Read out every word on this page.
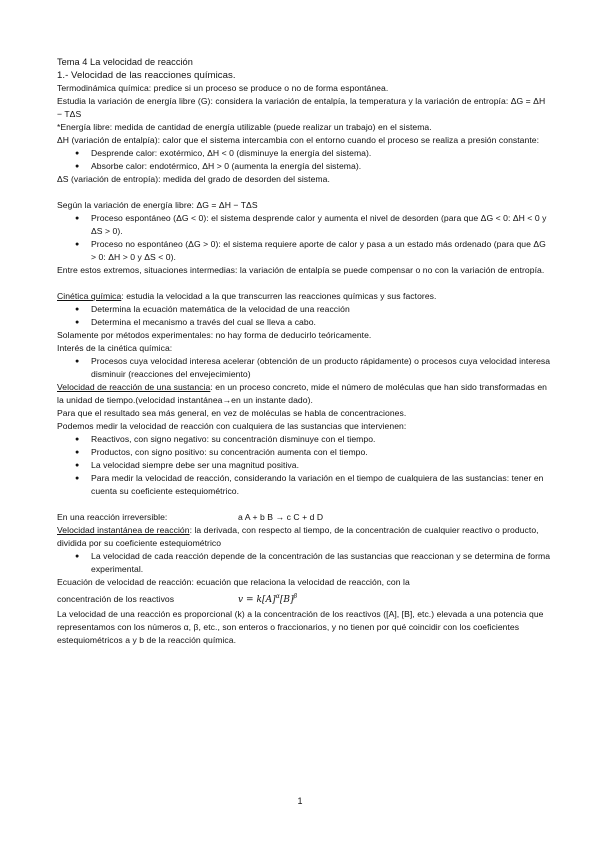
Tema 4 La velocidad de reacción
1.- Velocidad de las reacciones químicas.
Termodinámica química: predice si un proceso se produce o no de forma espontánea.
Estudia la variación de energía libre (G): considera la variación de entalpía, la temperatura y la variación de entropía: ΔG = ΔH − TΔS
*Energía libre: medida de cantidad de energía utilizable (puede realizar un trabajo) en el sistema.
ΔH (variación de entalpía): calor que el sistema intercambia con el entorno cuando el proceso se realiza a presión constante:
● Desprende calor: exotérmico, ΔH < 0 (disminuye la energía del sistema).
● Absorbe calor: endotérmico, ΔH > 0 (aumenta la energía del sistema).
ΔS (variación de entropía): medida del grado de desorden del sistema.
Según la variación de energía libre: ΔG = ΔH − TΔS
● Proceso espontáneo (ΔG < 0): el sistema desprende calor y aumenta el nivel de desorden (para que ΔG < 0: ΔH < 0 y ΔS > 0).
● Proceso no espontáneo (ΔG > 0): el sistema requiere aporte de calor y pasa a un estado más ordenado (para que ΔG > 0: ΔH > 0 y ΔS < 0).
Entre estos extremos, situaciones intermedias: la variación de entalpía se puede compensar o no con la variación de entropía.
Cinética química: estudia la velocidad a la que transcurren las reacciones químicas y sus factores.
● Determina la ecuación matemática de la velocidad de una reacción
● Determina el mecanismo a través del cual se lleva a cabo.
Solamente por métodos experimentales: no hay forma de deducirlo teóricamente.
Interés de la cinética química:
● Procesos cuya velocidad interesa acelerar (obtención de un producto rápidamente) o procesos cuya velocidad interesa disminuir (reacciones del envejecimiento)
Velocidad de reacción de una sustancia: en un proceso concreto, mide el número de moléculas que han sido transformadas en la unidad de tiempo.(velocidad instantánea→en un instante dado).
Para que el resultado sea más general, en vez de moléculas se habla de concentraciones.
Podemos medir la velocidad de reacción con cualquiera de las sustancias que intervienen:
● Reactivos, con signo negativo: su concentración disminuye con el tiempo.
● Productos, con signo positivo: su concentración aumenta con el tiempo.
● La velocidad siempre debe ser una magnitud positiva.
● Para medir la velocidad de reacción, considerando la variación en el tiempo de cualquiera de las sustancias: tener en cuenta su coeficiente estequiométrico.
En una reacción irreversible:	a A + b B → c C + d D
Velocidad instantánea de reacción: la derivada, con respecto al tiempo, de la concentración de cualquier reactivo o producto, dividida por su coeficiente estequiométrico
● La velocidad de cada reacción depende de la concentración de las sustancias que reaccionan y se determina de forma experimental.
Ecuación de velocidad de reacción: ecuación que relaciona la velocidad de reacción, con la
concentración de los reactivos	$v = k[A]^\alpha[B]^\beta$
La velocidad de una reacción es proporcional (k) a la concentración de los reactivos ([A], [B], etc.) elevada a una potencia que representamos con los números α, β, etc., son enteros o fraccionarios, y no tienen por qué coincidir con los coeficientes estequiométricos a y b de la reacción química.
1
